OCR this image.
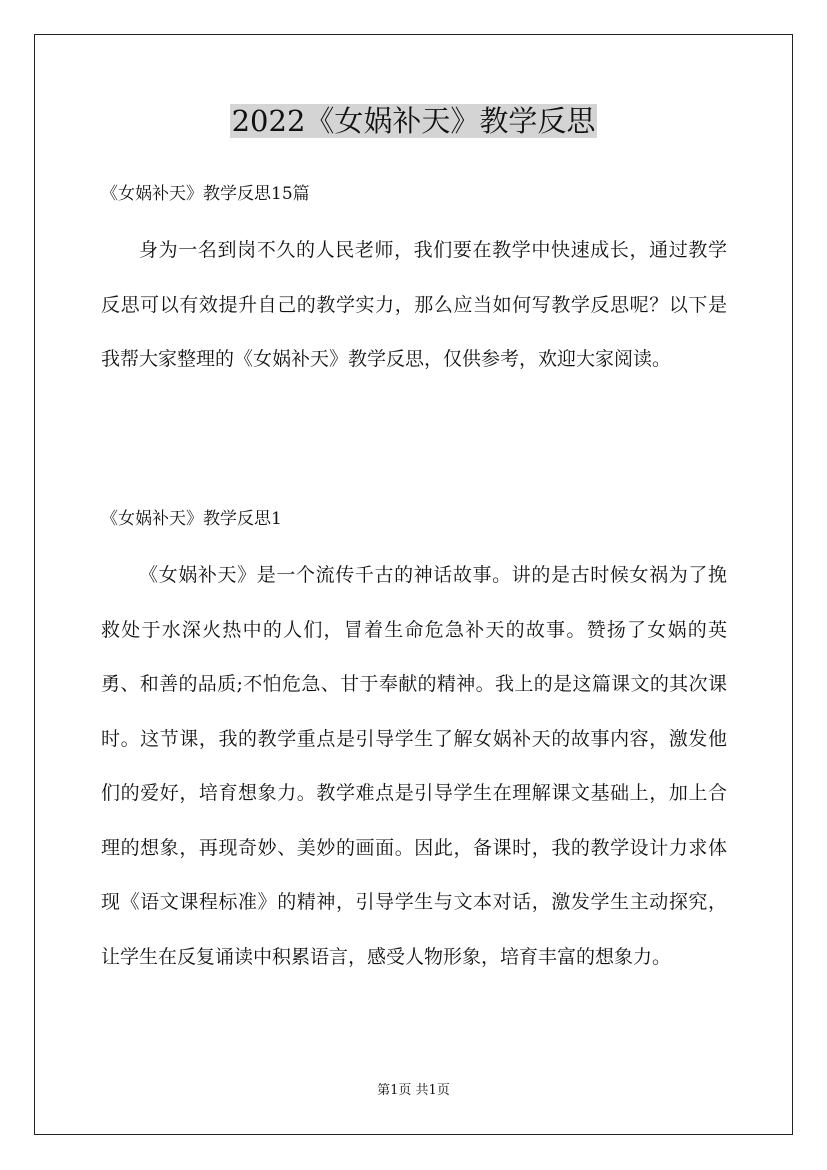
2022《女娲补天》教学反思

《女娲补天》教学反思15篇

身为一名到岗不久的人民老师，我们要在教学中快速成长，通过教学反思可以有效提升自己的教学实力，那么应当如何写教学反思呢？以下是我帮大家整理的《女娲补天》教学反思，仅供参考，欢迎大家阅读。

《女娲补天》教学反思1

《女娲补天》是一个流传千古的神话故事。讲的是古时候女祸为了挽救处于水深火热中的人们，冒着生命危急补天的故事。赞扬了女娲的英勇、和善的品质;不怕危急、甘于奉献的精神。我上的是这篇课文的其次课时。这节课，我的教学重点是引导学生了解女娲补天的故事内容，激发他们的爱好，培育想象力。教学难点是引导学生在理解课文基础上，加上合理的想象，再现奇妙、美妙的画面。因此，备课时，我的教学设计力求体现《语文课程标准》的精神，引导学生与文本对话，激发学生主动探究，让学生在反复诵读中积累语言，感受人物形象，培育丰富的想象力。

第1页 共1页
